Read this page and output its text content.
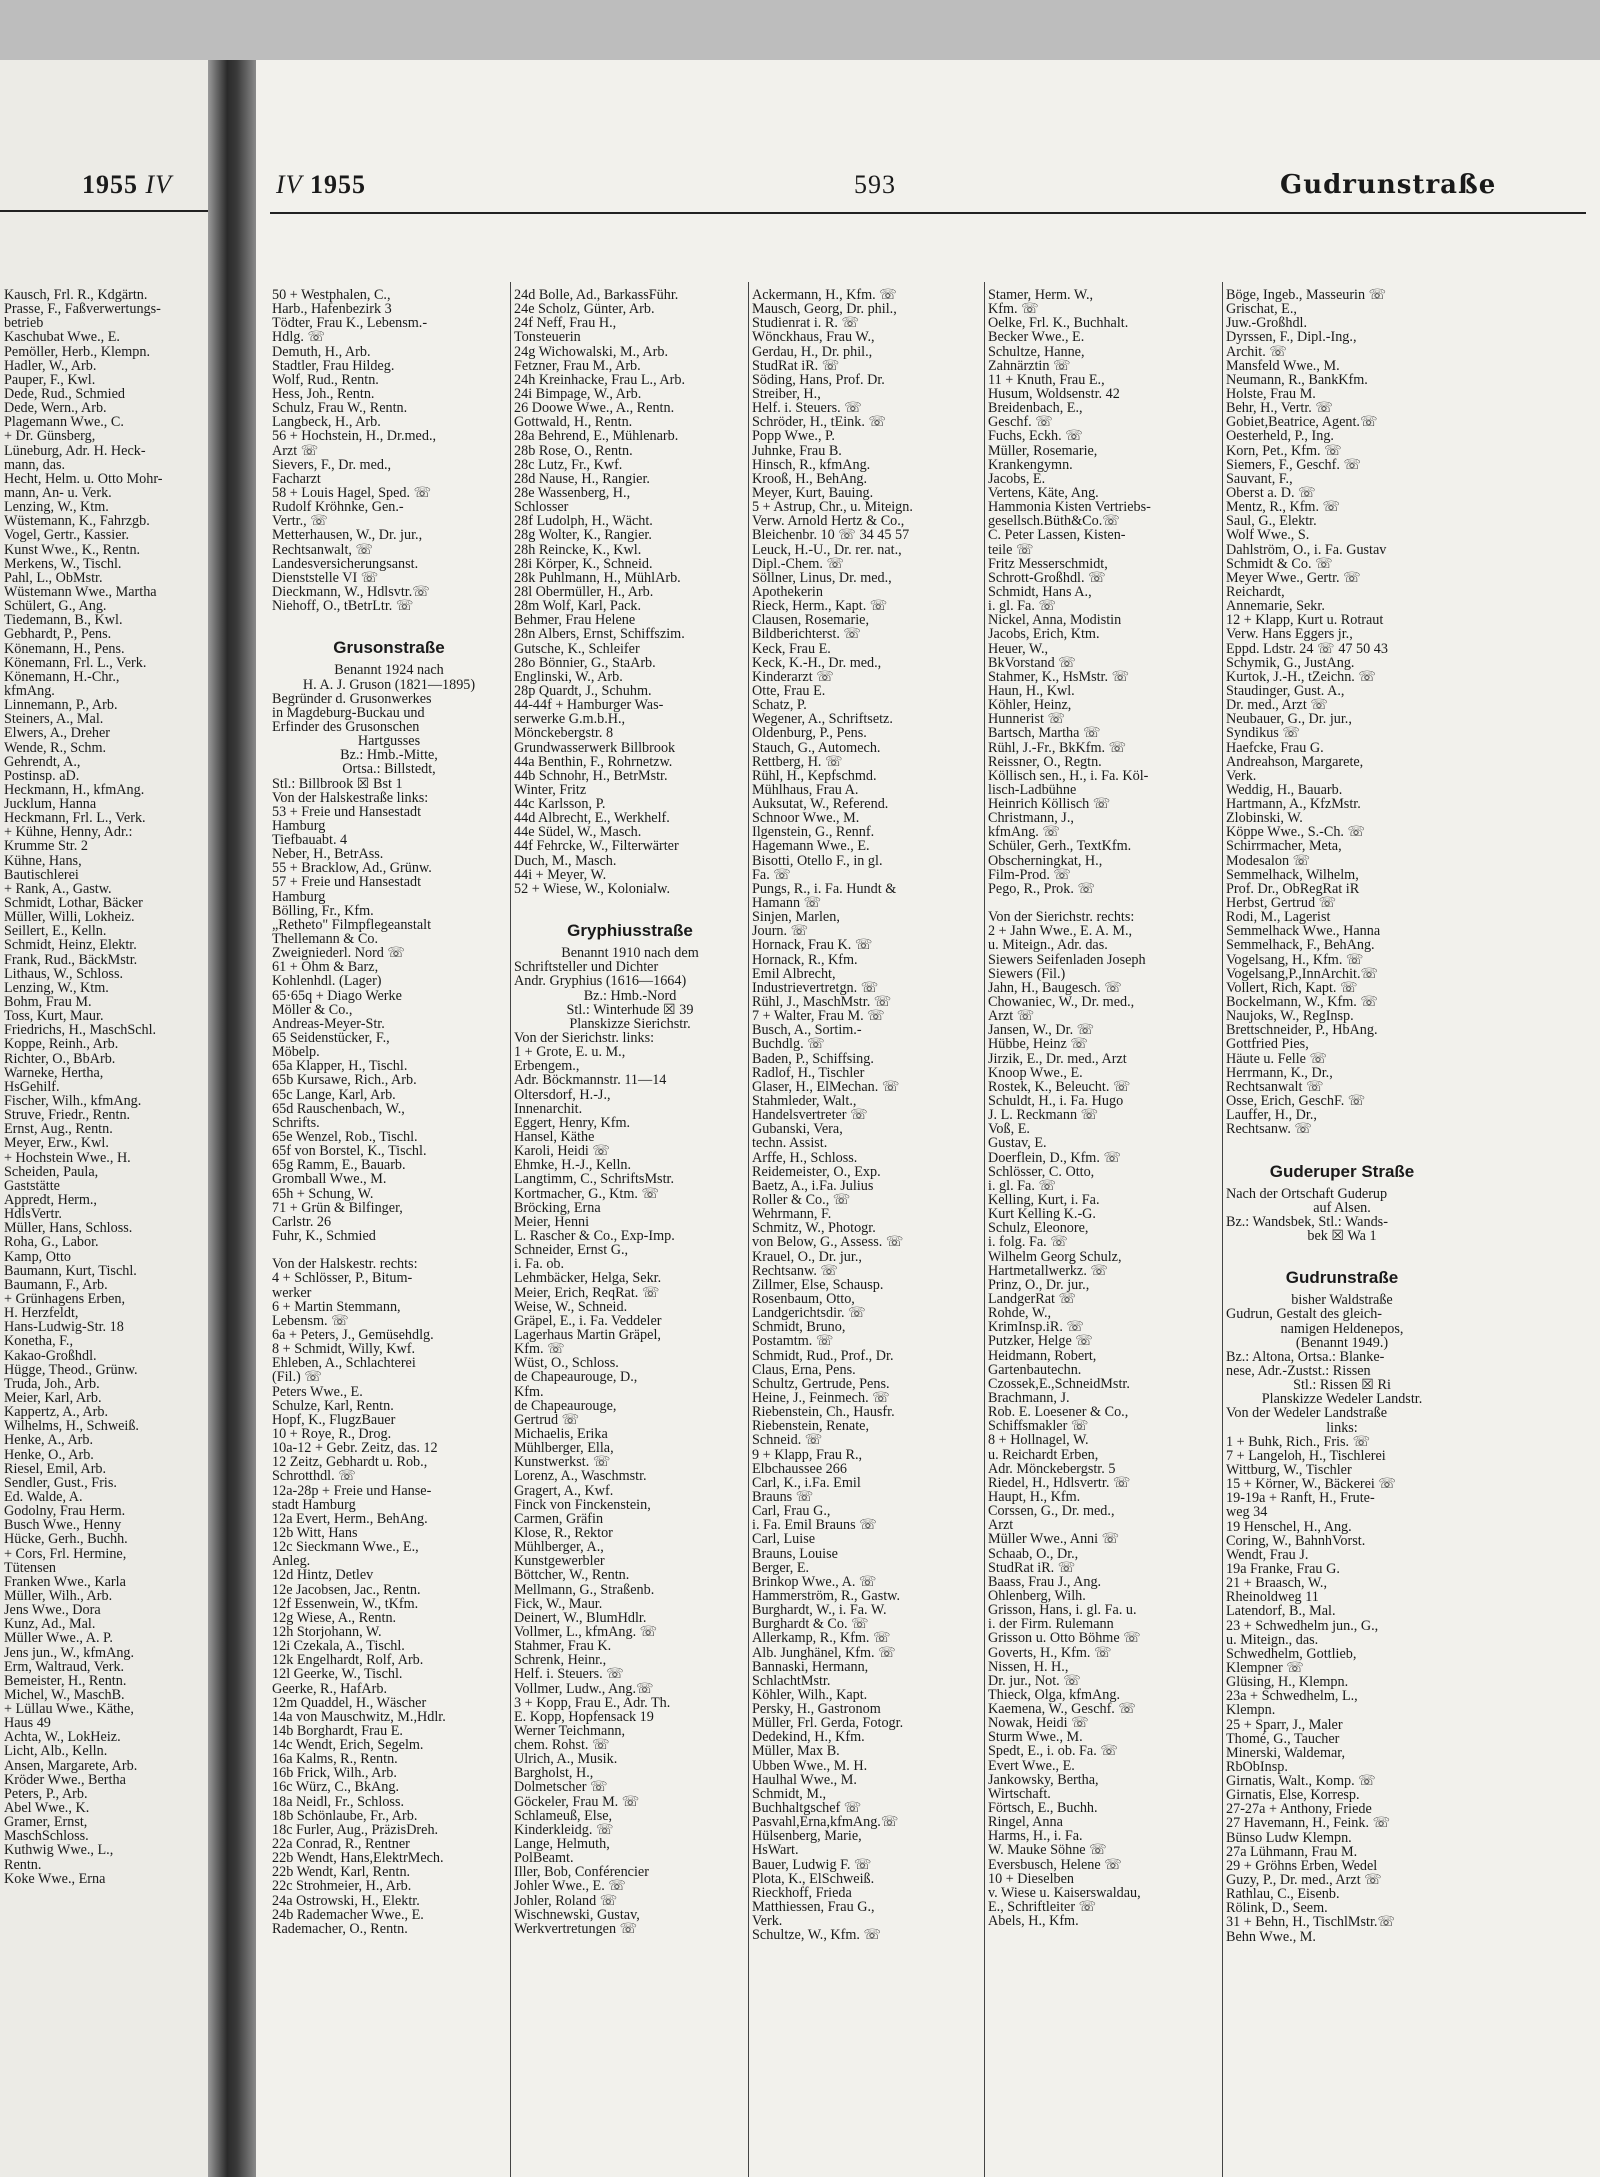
1955 IV
Kausch, Frl. R., Kdgärtn.
Prasse, F., Faßverwertungs-
betrieb
Kaschubat Wwe., E.
Pemöller, Herb., Klempn.
Hadler, W., Arb.
Pauper, F., Kwl.
Dede, Rud., Schmied
Dede, Wern., Arb.
Plagemann Wwe., C.
+ Dr. Günsberg,
Lüneburg, Adr. H. Heck-
mann, das.
Hecht, Helm. u. Otto Mohr-
mann, An- u. Verk.
Lenzing, W., Ktm.
Wüstemann, K., Fahrzgb.
Vogel, Gertr., Kassier.
Kunst Wwe., K., Rentn.
Merkens, W., Tischl.
Pahl, L., ObMstr.
Wüstemann Wwe., Martha
Schülert, G., Ang.
Tiedemann, B., Kwl.
Gebhardt, P., Pens.
Könemann, H., Pens.
Könemann, Frl. L., Verk.
Könemann, H.-Chr.,
kfmAng.
Linnemann, P., Arb.
Steiners, A., Mal.
Elwers, A., Dreher
Wende, R., Schm.
Gehrendt, A.,
Postinsp. aD.
Heckmann, H., kfmAng.
Jucklum, Hanna
Heckmann, Frl. L., Verk.
+ Kühne, Henny, Adr.:
Krumme Str. 2
Kühne, Hans,
Bautischlerei
+ Rank, A., Gastw.
Schmidt, Lothar, Bäcker
Müller, Willi, Lokheiz.
Seillert, E., Kelln.
Schmidt, Heinz, Elektr.
Frank, Rud., BäckMstr.
Lithaus, W., Schloss.
Lenzing, W., Ktm.
Bohm, Frau M.
Toss, Kurt, Maur.
Friedrichs, H., MaschSchl.
Koppe, Reinh., Arb.
Richter, O., BbArb.
Warneke, Hertha,
HsGehilf.
Fischer, Wilh., kfmAng.
Struve, Friedr., Rentn.
Ernst, Aug., Rentn.
Meyer, Erw., Kwl.
+ Hochstein Wwe., H.
Scheiden, Paula,
Gaststätte
Appredt, Herm.,
HdlsVertr.
Müller, Hans, Schloss.
Roha, G., Labor.
Kamp, Otto
Baumann, Kurt, Tischl.
Baumann, F., Arb.
+ Grünhagens Erben,
H. Herzfeldt,
Hans-Ludwig-Str. 18
Konetha, F.,
Kakao-Großhdl.
Hügge, Theod., Grünw.
Truda, Joh., Arb.
Meier, Karl, Arb.
Kappertz, A., Arb.
Wilhelms, H., Schweiß.
Henke, A., Arb.
Henke, O., Arb.
Riesel, Emil, Arb.
Sendler, Gust., Fris.
Ed. Walde, A.
Godolny, Frau Herm.
Busch Wwe., Henny
Hücke, Gerh., Buchh.
+ Cors, Frl. Hermine,
Tütensen
Franken Wwe., Karla
Müller, Wilh., Arb.
Jens Wwe., Dora
Kunz, Ad., Mal.
Müller Wwe., A. P.
Jens jun., W., kfmAng.
Erm, Waltraud, Verk.
Bemeister, H., Rentn.
Michel, W., MaschB.
+ Lüllau Wwe., Käthe,
Haus 49
Achta, W., LokHeiz.
Licht, Alb., Kelln.
Ansen, Margarete, Arb.
Kröder Wwe., Bertha
Peters, P., Arb.
Abel Wwe., K.
Gramer, Ernst,
MaschSchloss.
Kuthwig Wwe., L.,
Rentn.
Koke Wwe., Erna
IV 1955	593	Gudrunstraße
50 + Westphalen, C.,
Harb., Hafenbezirk 3
Tödter, Frau K., Lebensm.-
Hdlg. ☏
Demuth, H., Arb.
Stadtler, Frau Hildeg.
Wolf, Rud., Rentn.
Hess, Joh., Rentn.
Schulz, Frau W., Rentn.
Langbeck, H., Arb.
56 + Hochstein, H., Dr.med.,
Arzt ☏
Sievers, F., Dr. med.,
Facharzt
58 + Louis Hagel, Sped. ☏
Rudolf Kröhnke, Gen.-
Vertr., ☏
Metterhausen, W., Dr. jur.,
Rechtsanwalt, ☏
Landesversicherungsanst.
Dienststelle VI ☏
Dieckmann, W., Hdlsvtr.☏
Niehoff, O., tBetrLtr. ☏

Grusonstraße
Benannt 1924 nach
H. A. J. Gruson (1821—1895)
Begründer d. Grusonwerkes
in Magdeburg-Buckau und
Erfinder des Grusonschen
Hartgusses
Bz.: Hmb.-Mitte,
Ortsa.: Billstedt,
Stl.: Billbrook ☒ Bst 1
Von der Halskestraße links:
53 + Freie und Hansestadt
Hamburg
Tiefbauabt. 4
Neber, H., BetrAss.
55 + Bracklow, Ad., Grünw.
57 + Freie und Hansestadt
Hamburg
Bölling, Fr., Kfm.
„Retheto" Filmpflegeanstalt
Thellemann & Co.
Zweigniederl. Nord ☏
61 + Ohm & Barz,
Kohlenhdl. (Lager)
65·65q + Diago Werke
Möller & Co.,
Andreas-Meyer-Str.
65 Seidenstücker, F.,
Möbelp.
65a Klapper, H., Tischl.
65b Kursawe, Rich., Arb.
65c Lange, Karl, Arb.
65d Rauschenbach, W.,
Schrifts.
65e Wenzel, Rob., Tischl.
65f von Borstel, K., Tischl.
65g Ramm, E., Bauarb.
Gromball Wwe., M.
65h + Schung, W.
71 + Grün & Bilfinger,
Carlstr. 26
Fuhr, K., Schmied

Von der Halskestr. rechts:
4 + Schlösser, P., Bitum-
werker
6 + Martin Stemmann,
Lebensm. ☏
6a + Peters, J., Gemüsehdlg.
8 + Schmidt, Willy, Kwf.
Ehleben, A., Schlachterei
(Fil.) ☏
Peters Wwe., E.
Schulze, Karl, Rentn.
Hopf, K., FlugzBauer
10 + Roye, R., Drog.
10a-12 + Gebr. Zeitz, das. 12
12 Zeitz, Gebhardt u. Rob.,
Schrotthdl. ☏
12a-28p + Freie und Hanse-
stadt Hamburg
12a Evert, Herm., BehAng.
12b Witt, Hans
12c Sieckmann Wwe., E.,
Anleg.
12d Hintz, Detlev
12e Jacobsen, Jac., Rentn.
12f Essenwein, W., tKfm.
12g Wiese, A., Rentn.
12h Storjohann, W.
12i Czekala, A., Tischl.
12k Engelhardt, Rolf, Arb.
12l Geerke, W., Tischl.
Geerke, R., HafArb.
12m Quaddel, H., Wäscher
14a von Mauschwitz, M.,Hdlr.
14b Borghardt, Frau E.
14c Wendt, Erich, Segelm.
16a Kalms, R., Rentn.
16b Frick, Wilh., Arb.
16c Würz, C., BkAng.
18a Neidl, Fr., Schloss.
18b Schönlaube, Fr., Arb.
18c Furler, Aug., PräzisDreh.
22a Conrad, R., Rentner
22b Wendt, Hans,ElektrMech.
22b Wendt, Karl, Rentn.
22c Strohmeier, H., Arb.
24a Ostrowski, H., Elektr.
24b Rademacher Wwe., E.
Rademacher, O., Rentn.
24d Bolle, Ad., BarkassFühr.
24e Scholz, Günter, Arb.
24f Neff, Frau H.,
Tonsteuerin
24g Wichowalski, M., Arb.
Fetzner, Frau M., Arb.
24h Kreinhacke, Frau L., Arb.
24i Bimpage, W., Arb.
26 Doowe Wwe., A., Rentn.
Gottwald, H., Rentn.
28a Behrend, E., Mühlenarb.
28b Rose, O., Rentn.
28c Lutz, Fr., Kwf.
28d Nause, H., Rangier.
28e Wassenberg, H.,
Schlosser
28f Ludolph, H., Wächt.
28g Wolter, K., Rangier.
28h Reincke, K., Kwl.
28i Körper, K., Schneid.
28k Puhlmann, H., MühlArb.
28l Obermüller, H., Arb.
28m Wolf, Karl, Pack.
Behmer, Frau Helene
28n Albers, Ernst, Schiffszim.
Gutsche, K., Schleifer
28o Bönnier, G., StaArb.
Englinski, W., Arb.
28p Quardt, J., Schuhm.
44-44f + Hamburger Was-
serwerke G.m.b.H.,
Mönckebergstr. 8
Grundwasserwerk Billbrook
44a Benthin, F., Rohrnetzw.
44b Schnohr, H., BetrMstr.
Winter, Fritz
44c Karlsson, P.
44d Albrecht, E., Werkhelf.
44e Südel, W., Masch.
44f Fehrcke, W., Filterwärter
Duch, M., Masch.
44i + Meyer, W.
52 + Wiese, W., Kolonialw.

Gryphiusstraße
Benannt 1910 nach dem
Schriftsteller und Dichter
Andr. Gryphius (1616—1664)
Bz.: Hmb.-Nord
Stl.: Winterhude ☒ 39
Planskizze Sierichstr.
Von der Sierichstr. links:
1 + Grote, E. u. M.,
Erbengem.,
Adr. Böckmannstr. 11—14
Oltersdorf, H.-J.,
Innenarchit.
Eggert, Henry, Kfm.
Hansel, Käthe
Karoli, Heidi ☏
Ehmke, H.-J., Kelln.
Langtimm, C., SchriftsMstr.
Kortmacher, G., Ktm. ☏
Bröcking, Erna
Meier, Henni
L. Rascher & Co., Exp-Imp.
Schneider, Ernst G.,
i. Fa. ob.
Lehmbäcker, Helga, Sekr.
Meier, Erich, ReqRat. ☏
Weise, W., Schneid.
Gräpel, E., i. Fa. Veddeler
Lagerhaus Martin Gräpel,
Kfm. ☏
Wüst, O., Schloss.
de Chapeaurouge, D.,
Kfm.
de Chapeaurouge,
Gertrud ☏
Michaelis, Erika
Mühlberger, Ella,
Kunstwerkst. ☏
Lorenz, A., Waschmstr.
Gragert, A., Kwf.
Finck von Finckenstein,
Carmen, Gräfin
Klose, R., Rektor
Mühlberger, A.,
Kunstgewerbler
Böttcher, W., Rentn.
Mellmann, G., Straßenb.
Fick, W., Maur.
Deinert, W., BlumHdlr.
Vollmer, L., kfmAng. ☏
Stahmer, Frau K.
Schrenk, Heinr.,
Helf. i. Steuers. ☏
Vollmer, Ludw., Ang.☏
3 + Kopp, Frau E., Adr. Th.
E. Kopp, Hopfensack 19
Werner Teichmann,
chem. Rohst. ☏
Ulrich, A., Musik.
Bargholst, H.,
Dolmetscher ☏
Göckeler, Frau M. ☏
Schlameuß, Else,
Kinderkleidg. ☏
Lange, Helmuth,
PolBeamt.
Iller, Bob, Conférencier
Johler Wwe., E. ☏
Johler, Roland ☏
Wischnewski, Gustav,
Werkvertretungen ☏
Ackermann, H., Kfm. ☏
Mausch, Georg, Dr. phil.,
Studienrat i. R. ☏
Wönckhaus, Frau W.,
Gerdau, H., Dr. phil.,
StudRat iR. ☏
Söding, Hans, Prof. Dr.
Streiber, H.,
Helf. i. Steuers. ☏
Schröder, H., tEink. ☏
Popp Wwe., P.
Juhnke, Frau B.
Hinsch, R., kfmAng.
Krooß, H., BehAng.
Meyer, Kurt, Bauing.
5 + Astrup, Chr., u. Miteign.
Verw. Arnold Hertz & Co.,
Bleichenbr. 10 ☏ 34 45 57
Leuck, H.-U., Dr. rer. nat.,
Dipl.-Chem. ☏
Söllner, Linus, Dr. med.,
Apothekerin
Rieck, Herm., Kapt. ☏
Clausen, Rosemarie,
Bildberichterst. ☏
Keck, Frau E.
Keck, K.-H., Dr. med.,
Kinderarzt ☏
Otte, Frau E.
Schatz, P.
Wegener, A., Schriftsetz.
Oldenburg, P., Pens.
Stauch, G., Automech.
Rettberg, H. ☏
Rühl, H., Kepfschmd.
Mühlhaus, Frau A.
Auksutat, W., Referend.
Schnoor Wwe., M.
Ilgenstein, G., Rennf.
Hagemann Wwe., E.
Bisotti, Otello F., in gl.
Fa. ☏
Pungs, R., i. Fa. Hundt &
Hamann ☏
Sinjen, Marlen,
Journ. ☏
Hornack, Frau K. ☏
Hornack, R., Kfm.
Emil Albrecht,
Industrievertretgn. ☏
Rühl, J., MaschMstr. ☏
7 + Walter, Frau M. ☏
Busch, A., Sortim.-
Buchdlg. ☏
Baden, P., Schiffsing.
Radlof, H., Tischler
Glaser, H., ElMechan. ☏
Stahmleder, Walt.,
Handelsvertreter ☏
Gubanski, Vera,
techn. Assist.
Arffe, H., Schloss.
Reidemeister, O., Exp.
Baetz, A., i.Fa. Julius
Roller & Co., ☏
Wehrmann, F.
Schmitz, W., Photogr.
von Below, G., Assess. ☏
Krauel, O., Dr. jur.,
Rechtsanw. ☏
Zillmer, Else, Schausp.
Rosenbaum, Otto,
Landgerichtsdir. ☏
Schmidt, Bruno,
Postamtm. ☏
Schmidt, Rud., Prof., Dr.
Claus, Erna, Pens.
Schultz, Gertrude, Pens.
Heine, J., Feinmech. ☏
Riebenstein, Ch., Hausfr.
Riebenstein, Renate,
Schneid. ☏
9 + Klapp, Frau R.,
Elbchaussee 266
Carl, K., i.Fa. Emil
Brauns ☏
Carl, Frau G.,
i. Fa. Emil Brauns ☏
Carl, Luise
Brauns, Louise
Berger, E.
Brinkop Wwe., A. ☏
Hammerström, R., Gastw.
Burghardt, W., i. Fa. W.
Burghardt & Co. ☏
Allerkamp, R., Kfm. ☏
Alb. Junghänel, Kfm. ☏
Bannaski, Hermann,
SchlachtMstr.
Köhler, Wilh., Kapt.
Persky, H., Gastronom
Müller, Frl. Gerda, Fotogr.
Dedekind, H., Kfm.
Müller, Max B.
Ubben Wwe., M. H.
Haulhal Wwe., M.
Schmidt, M.,
Buchhaltgschef ☏
Pasvahl,Erna,kfmAng.☏
Hülsenberg, Marie,
HsWart.
Bauer, Ludwig F. ☏
Plota, K., ElSchweiß.
Rieckhoff, Frieda
Matthiessen, Frau G.,
Verk.
Schultze, W., Kfm. ☏
Stamer, Herm. W.,
Kfm. ☏
Oelke, Frl. K., Buchhalt.
Becker Wwe., E.
Schultze, Hanne,
Zahnärztin ☏
11 + Knuth, Frau E.,
Husum, Woldsenstr. 42
Breidenbach, E.,
Geschf. ☏
Fuchs, Eckh. ☏
Müller, Rosemarie,
Krankengymn.
Jacobs, E.
Vertens, Käte, Ang.
Hammonia Kisten Vertriebs-
gesellsch.Büth&Co.☏
C. Peter Lassen, Kisten-
teile ☏
Fritz Messerschmidt,
Schrott-Großhdl. ☏
Schmidt, Hans A.,
i. gl. Fa. ☏
Nickel, Anna, Modistin
Jacobs, Erich, Ktm.
Heuer, W.,
BkVorstand ☏
Stahmer, K., HsMstr. ☏
Haun, H., Kwl.
Köhler, Heinz,
Hunnerist ☏
Bartsch, Martha ☏
Rühl, J.-Fr., BkKfm. ☏
Reissner, O., Regtn.
Köllisch sen., H., i. Fa. Köl-
lisch-Ladbühne
Heinrich Köllisch ☏
Christmann, J.,
kfmAng. ☏
Schüler, Gerh., TextKfm.
Obscherningkat, H.,
Film-Prod. ☏
Pego, R., Prok. ☏

Von der Sierichstr. rechts:
2 + Jahn Wwe., E. A. M.,
u. Miteign., Adr. das.
Siewers Seifenladen Joseph
Siewers (Fil.)
Jahn, H., Baugesch. ☏
Chowaniec, W., Dr. med.,
Arzt ☏
Jansen, W., Dr. ☏
Hübbe, Heinz ☏
Jirzik, E., Dr. med., Arzt
Knoop Wwe., E.
Rostek, K., Beleucht. ☏
Schuldt, H., i. Fa. Hugo
J. L. Reckmann ☏
Voß, E.
Gustav, E.
Doerflein, D., Kfm. ☏
Schlösser, C. Otto,
i. gl. Fa. ☏
Kelling, Kurt, i. Fa.
Kurt Kelling K.-G.
Schulz, Eleonore,
i. folg. Fa. ☏
Wilhelm Georg Schulz,
Hartmetallwerkz. ☏
Prinz, O., Dr. jur.,
LandgerRat ☏
Rohde, W.,
KrimInsp.iR. ☏
Putzker, Helge ☏
Heidmann, Robert,
Gartenbautechn.
Czossek,E.,SchneidMstr.
Brachmann, J.
Rob. E. Loesener & Co.,
Schiffsmakler ☏
8 + Hollnagel, W.
u. Reichardt Erben,
Adr. Mönckebergstr. 5
Riedel, H., Hdlsvertr. ☏
Haupt, H., Kfm.
Corssen, G., Dr. med.,
Arzt
Müller Wwe., Anni ☏
Schaab, O., Dr.,
StudRat iR. ☏
Baass, Frau J., Ang.
Ohlenberg, Wilh.
Grisson, Hans, i. gl. Fa. u.
i. der Firm. Rulemann
Grisson u. Otto Böhme ☏
Goverts, H., Kfm. ☏
Nissen, H. H.,
Dr. jur., Not. ☏
Thieck, Olga, kfmAng.
Kaemena, W., Geschf. ☏
Nowak, Heidi ☏
Sturm Wwe., M.
Spedt, E., i. ob. Fa. ☏
Evert Wwe., E.
Jankowsky, Bertha,
Wirtschaft.
Förtsch, E., Buchh.
Ringel, Anna
Harms, H., i. Fa.
W. Mauke Söhne ☏
Eversbusch, Helene ☏
10 + Dieselben
v. Wiese u. Kaiserswaldau,
E., Schriftleiter ☏
Abels, H., Kfm.
Böge, Ingeb., Masseurin ☏
Grischat, E.,
Juw.-Großhdl.
Dyrssen, F., Dipl.-Ing.,
Archit. ☏
Mansfeld Wwe., M.
Neumann, R., BankKfm.
Holste, Frau M.
Behr, H., Vertr. ☏
Gobiet,Beatrice, Agent.☏
Oesterheld, P., Ing.
Korn, Pet., Kfm. ☏
Siemers, F., Geschf. ☏
Sauvant, F.,
Oberst a. D. ☏
Mentz, R., Kfm. ☏
Saul, G., Elektr.
Wolf Wwe., S.
Dahlström, O., i. Fa. Gustav
Schmidt & Co. ☏
Meyer Wwe., Gertr. ☏
Reichardt,
Annemarie, Sekr.
12 + Klapp, Kurt u. Rotraut
Verw. Hans Eggers jr.,
Eppd. Ldstr. 24 ☏ 47 50 43
Schymik, G., JustAng.
Kurtok, J.-H., tZeichn. ☏
Staudinger, Gust. A.,
Dr. med., Arzt ☏
Neubauer, G., Dr. jur.,
Syndikus ☏
Haefcke, Frau G.
Andreahson, Margarete,
Verk.
Weddig, H., Bauarb.
Hartmann, A., KfzMstr.
Zlobinski, W.
Köppe Wwe., S.-Ch. ☏
Schirrmacher, Meta,
Modesalon ☏
Semmelhack, Wilhelm,
Prof. Dr., ObRegRat iR
Herbst, Gertrud ☏
Rodi, M., Lagerist
Semmelhack Wwe., Hanna
Semmelhack, F., BehAng.
Vogelsang, H., Kfm. ☏
Vogelsang,P.,InnArchit.☏
Vollert, Rich, Kapt. ☏
Bockelmann, W., Kfm. ☏
Naujoks, W., RegInsp.
Brettschneider, P., HbAng.
Gottfried Pies,
Häute u. Felle ☏
Herrmann, K., Dr.,
Rechtsanwalt ☏
Osse, Erich, GeschF. ☏
Lauffer, H., Dr.,
Rechtsanw. ☏

Guderuper Straße
Nach der Ortschaft Guderup
auf Alsen.
Bz.: Wandsbek, Stl.: Wands-
bek ☒ Wa 1

Gudrunstraße
bisher Waldstraße
Gudrun, Gestalt des gleich-
namigen Heldenepos,
(Benannt 1949.)
Bz.: Altona, Ortsa.: Blanke-
nese, Adr.-Zustst.: Rissen
Stl.: Rissen ☒ Ri
Planskizze Wedeler Landstr.
Von der Wedeler Landstraße
links:
1 + Buhk, Rich., Fris. ☏
7 + Langeloh, H., Tischlerei
Wittburg, W., Tischler
15 + Körner, W., Bäckerei ☏
19-19a + Ranft, H., Frute-
weg 34
19 Henschel, H., Ang.
Coring, W., BahnhVorst.
Wendt, Frau J.
19a Franke, Frau G.
21 + Braasch, W.,
Rheinoldweg 11
Latendorf, B., Mal.
23 + Schwedhelm jun., G.,
u. Miteign., das.
Schwedhelm, Gottlieb,
Klempner ☏
Glüsing, H., Klempn.
23a + Schwedhelm, L.,
Klempn.
25 + Sparr, J., Maler
Thomé, G., Taucher
Minerski, Waldemar,
RbObInsp.
Girnatis, Walt., Komp. ☏
Girnatis, Else, Korresp.
27-27a + Anthony, Friede
27 Havemann, H., Feink. ☏
Bünso Ludw Klempn.
27a Lühmann, Frau M.
29 + Gröhns Erben, Wedel
Guzy, P., Dr. med., Arzt ☏
Rathlau, C., Eisenb.
Rölink, D., Seem.
31 + Behn, H., TischlMstr.☏
Behn Wwe., M.
